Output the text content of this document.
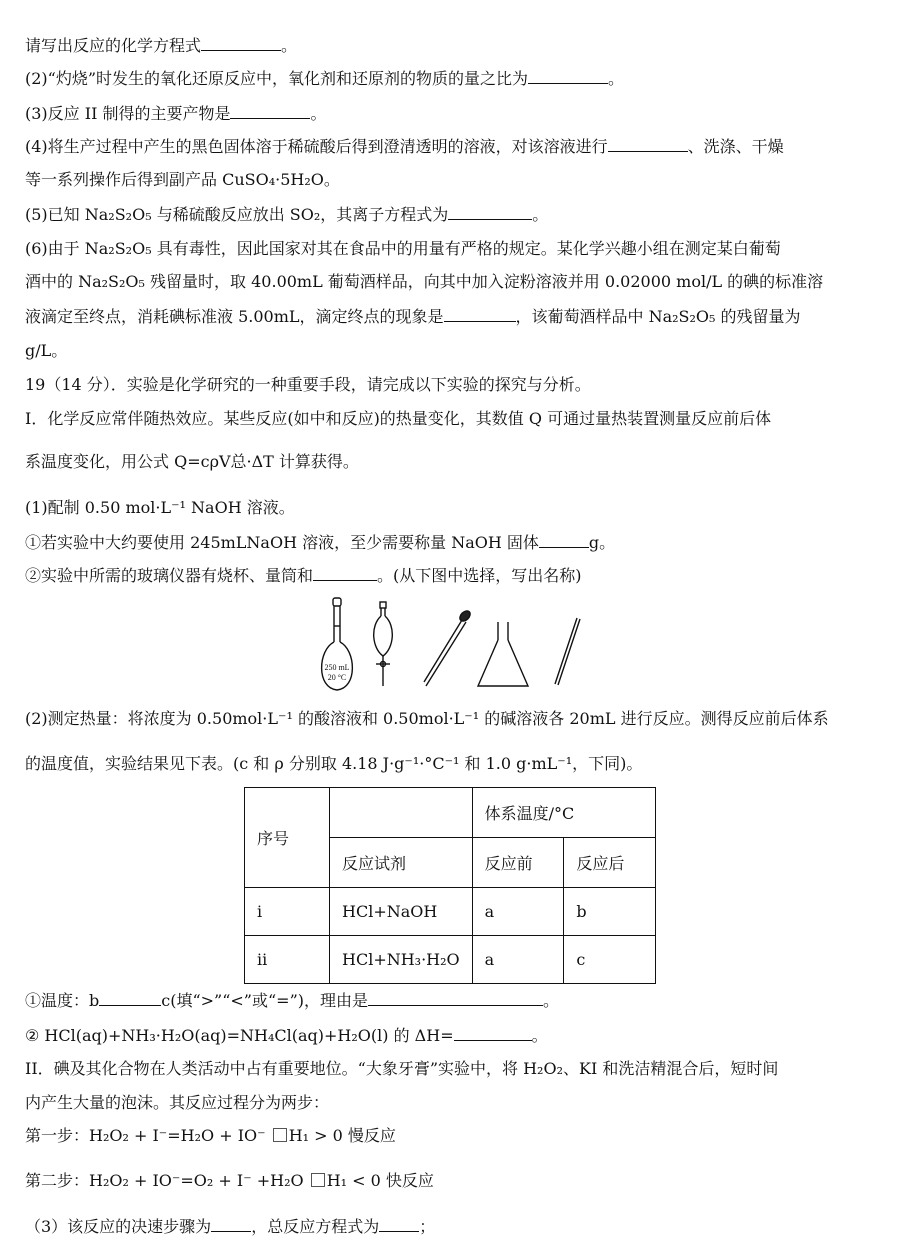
请写出反应的化学方程式	。
(2)“灼烧”时发生的氧化还原反应中，氧化剂和还原剂的物质的量之比为	。
(3)反应 II 制得的主要产物是	。
(4)将生产过程中产生的黑色固体溶于稀硫酸后得到澄清透明的溶液，对该溶液进行	、洗涤、干燥
等一系列操作后得到副产品 CuSO₄·5H₂O。
(5)已知 Na₂S₂O₅ 与稀硫酸反应放出 SO₂，其离子方程式为	。
(6)由于 Na₂S₂O₅ 具有毒性，因此国家对其在食品中的用量有严格的规定。某化学兴趣小组在测定某白葡萄
酒中的 Na₂S₂O₅ 残留量时，取 40.00mL 葡萄酒样品，向其中加入淀粉溶液并用 0.02000 mol/L 的碘的标准溶
液滴定至终点，消耗碘标准液 5.00mL，滴定终点的现象是	，该葡萄酒样品中 Na₂S₂O₅ 的残留量为
g/L。
19（14 分）．实验是化学研究的一种重要手段，请完成以下实验的探究与分析。
I．化学反应常伴随热效应。某些反应(如中和反应)的热量变化，其数值 Q 可通过量热装置测量反应前后体
系温度变化，用公式 Q=cρV总·ΔT 计算获得。
(1)配制 0.50 mol·L⁻¹ NaOH 溶液。
①若实验中大约要使用 245mLNaOH 溶液，至少需要称量 NaOH 固体	g。
②实验中所需的玻璃仪器有烧杯、量筒和	。(从下图中选择，写出名称)
250 mL
20 °C
(2)测定热量：将浓度为 0.50mol·L⁻¹ 的酸溶液和 0.50mol·L⁻¹ 的碱溶液各 20mL 进行反应。测得反应前后体系
的温度值，实验结果见下表。(c 和 ρ 分别取 4.18 J·g⁻¹·°C⁻¹ 和 1.0 g·mL⁻¹，下同)。
序号		体系温度/°C	
	反应试剂	反应前	反应后
i	HCl+NaOH	a	b
ii	HCl+NH₃·H₂O	a	c
①温度：b	c(填“>”“<”或“=”)，理由是	。
② HCl(aq)+NH₃·H₂O(aq)=NH₄Cl(aq)+H₂O(l) 的 ΔH=	。
II．碘及其化合物在人类活动中占有重要地位。“大象牙膏”实验中，将 H₂O₂、KI 和洗洁精混合后，短时间
内产生大量的泡沫。其反应过程分为两步：
第一步：H₂O₂ + I⁻=H₂O + IO⁻ H₁ > 0 慢反应
第二步：H₂O₂ + IO⁻=O₂ + I⁻ +H₂O H₁ < 0 快反应
（3）该反应的决速步骤为	，总反应方程式为	；
